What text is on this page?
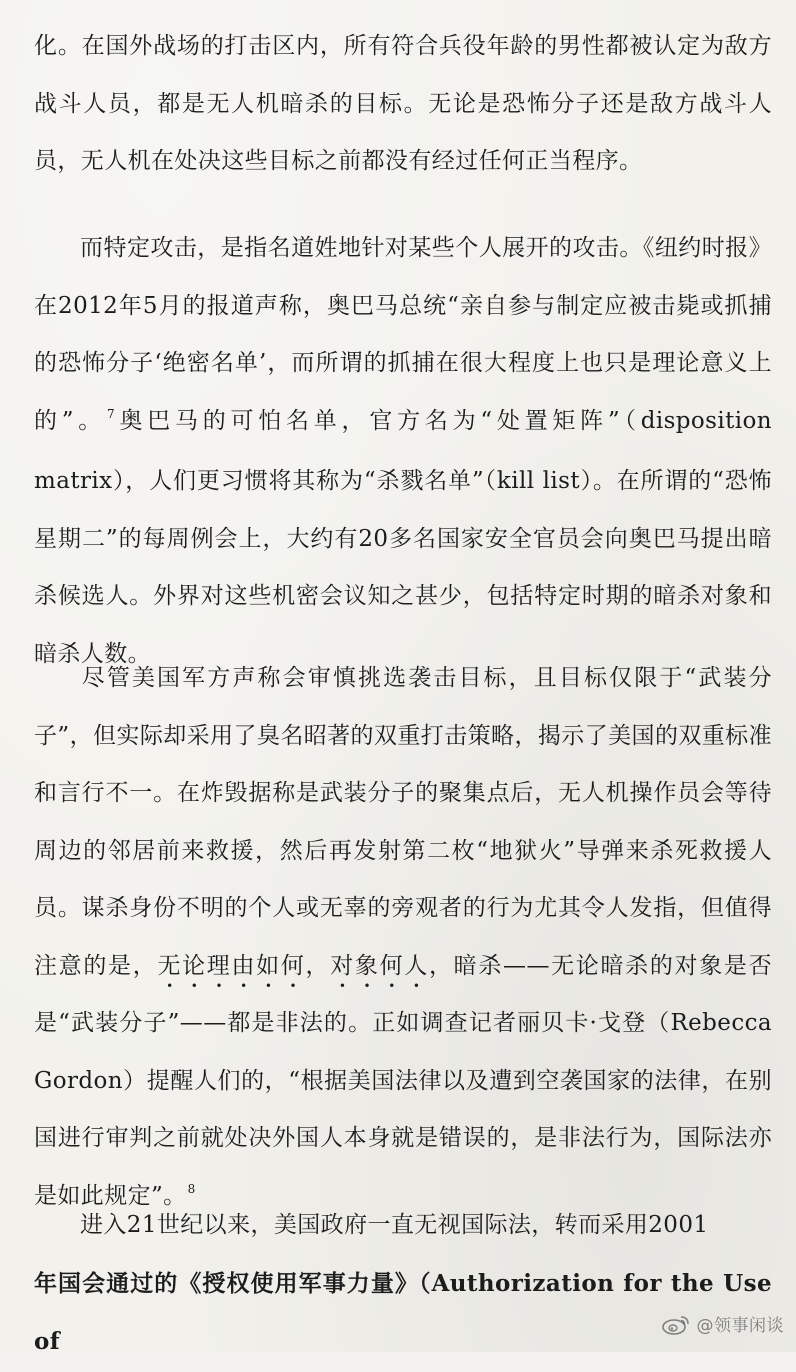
化。在国外战场的打击区内，所有符合兵役年龄的男性都被认定为敌方战斗人员，都是无人机暗杀的目标。无论是恐怖分子还是敌方战斗人员，无人机在处决这些目标之前都没有经过任何正当程序。

而特定攻击，是指名道姓地针对某些个人展开的攻击。《纽约时报》在2012年5月的报道声称，奥巴马总统“亲自参与制定应被击毙或抓捕的恐怖分子‘绝密名单’，而所谓的抓捕在很大程度上也只是理论意义上的”。$^7$奥巴马的可怕名单，官方名为“处置矩阵”（disposition matrix），人们更习惯将其称为“杀戮名单”（kill list）。在所谓的“恐怖星期二”的每周例会上，大约有20多名国家安全官员会向奥巴马提出暗杀候选人。外界对这些机密会议知之甚少，包括特定时期的暗杀对象和暗杀人数。

尽管美国军方声称会审慎挑选袭击目标，且目标仅限于“武装分子”，但实际却采用了臭名昭著的双重打击策略，揭示了美国的双重标准和言行不一。在炸毁据称是武装分子的聚集点后，无人机操作员会等待周边的邻居前来救援，然后再发射第二枚“地狱火”导弹来杀死救援人员。谋杀身份不明的个人或无辜的旁观者的行为尤其令人发指，但值得注意的是，无论理由如何，对象何人，暗杀——无论暗杀的对象是否是“武装分子”——都是非法的。正如调查记者丽贝卡·戈登（Rebecca Gordon）提醒人们的，“根据美国法律以及遭到空袭国家的法律，在别国进行审判之前就处决外国人本身就是错误的，是非法行为，国际法亦是如此规定”。$^8$

进入21世纪以来，美国政府一直无视国际法，转而采用2001
年国会通过的《授权使用军事力量》（Authorization for the Use of

@领事闲谈
